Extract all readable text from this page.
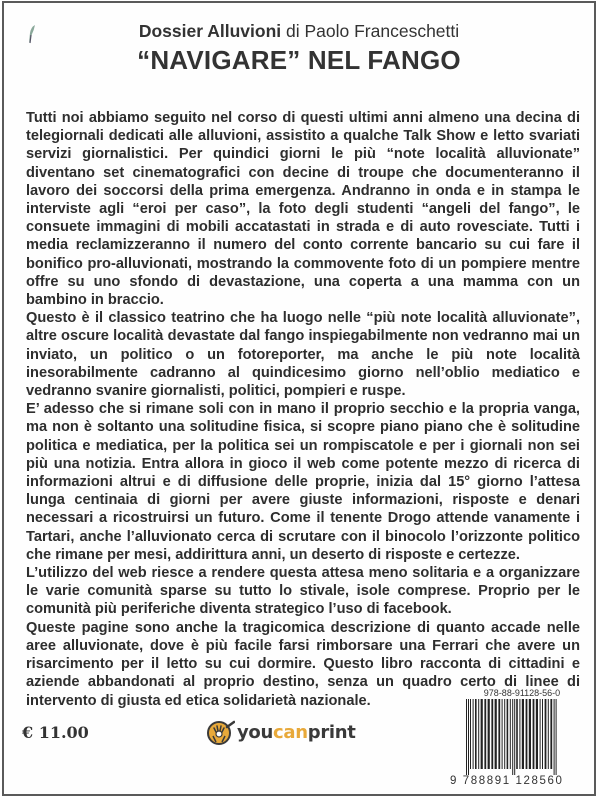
Dossier Alluvioni di Paolo Franceschetti
“NAVIGARE” NEL FANGO

Tutti noi abbiamo seguito nel corso di questi ultimi anni almeno una decina di telegiornali dedicati alle alluvioni, assistito a qualche Talk Show e letto svariati servizi giornalistici. Per quindici giorni le più “note località alluvionate” diventano set cinematografici con decine di troupe che documenteranno il lavoro dei soccorsi della prima emergenza. Andranno in onda e in stampa le interviste agli “eroi per caso”, la foto degli studenti “angeli del fango”, le consuete immagini di mobili accatastati in strada e di auto rovesciate. Tutti i media reclamizzeranno il numero del conto corrente bancario su cui fare il bonifico pro-alluvionati, mostrando la commovente foto di un pompiere mentre offre su uno sfondo di devastazione, una coperta a una mamma con un bambino in braccio.

Questo è il classico teatrino che ha luogo nelle “più note località alluvionate”, altre oscure località devastate dal fango inspiegabilmente non vedranno mai un inviato, un politico o un fotoreporter, ma anche le più note località inesorabilmente cadranno al quindicesimo giorno nell’oblio mediatico e vedranno svanire giornalisti, politici, pompieri e ruspe.

E’ adesso che si rimane soli con in mano il proprio secchio e la propria vanga, ma non è soltanto una solitudine fisica, si scopre piano piano che è solitudine politica e mediatica, per la politica sei un rompiscatole e per i giornali non sei più una notizia. Entra allora in gioco il web come potente mezzo di ricerca di informazioni altrui e di diffusione delle proprie, inizia dal 15° giorno l’attesa lunga centinaia di giorni per avere giuste informazioni, risposte e denari necessari a ricostruirsi un futuro. Come il tenente Drogo attende vanamente i Tartari, anche l’alluvionato cerca di scrutare con il binocolo l’orizzonte politico che rimane per mesi, addirittura anni, un deserto di risposte e certezze.

L’utilizzo del web riesce a rendere questa attesa meno solitaria e a organizzare le varie comunità sparse su tutto lo stivale, isole comprese. Proprio per le comunità più periferiche diventa strategico l’uso di facebook.

Queste pagine sono anche la tragicomica descrizione di quanto accade nelle aree alluvionate, dove è più facile farsi rimborsare una Ferrari che avere un risarcimento per il letto su cui dormire. Questo libro racconta di cittadini e aziende abbandonati al proprio destino, senza un quadro certo di linee di intervento di giusta ed etica solidarietà nazionale.

€ 11.00	youcanprint
978-88-91128-56-0
9 788891 128560
